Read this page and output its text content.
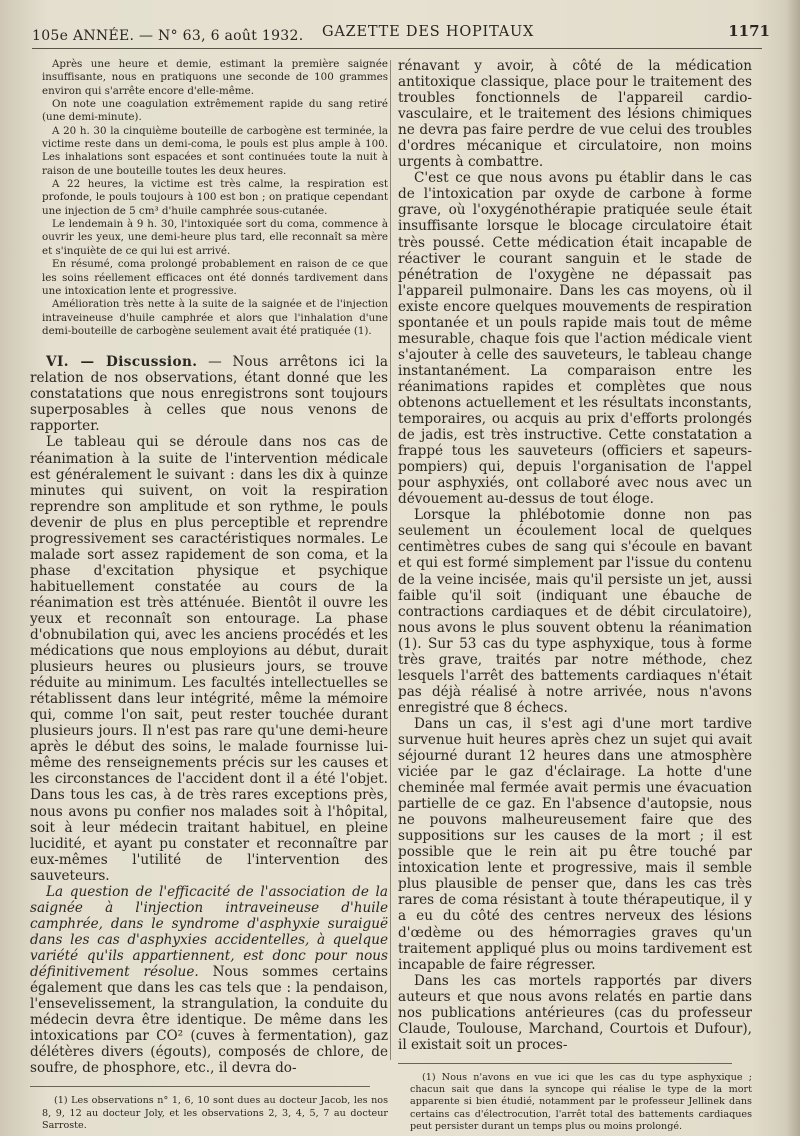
105e ANNÉE. — N° 63, 6 août 1932. GAZETTE DES HOPITAUX	1171

Après une heure et demie, estimant la première saignée insuffisante, nous en pratiquons une seconde de 100 grammes environ qui s'arrête encore d'elle-même.

On note une coagulation extrêmement rapide du sang retiré (une demi-minute).

A 20 h. 30 la cinquième bouteille de carbogène est terminée, la victime reste dans un demi-coma, le pouls est plus ample à 100. Les inhalations sont espacées et sont continuées toute la nuit à raison de une bouteille toutes les deux heures.

A 22 heures, la victime est très calme, la respiration est profonde, le pouls toujours à 100 est bon ; on pratique cependant une injection de 5 cm³ d'huile camphrée sous-cutanée.

Le lendemain à 9 h. 30, l'intoxiquée sort du coma, commence à ouvrir les yeux, une demi-heure plus tard, elle reconnaît sa mère et s'inquiète de ce qui lui est arrivé.

En résumé, coma prolongé probablement en raison de ce que les soins réellement efficaces ont été donnés tardivement dans une intoxication lente et progressive.

Amélioration très nette à la suite de la saignée et de l'injection intraveineuse d'huile camphrée et alors que l'inhalation d'une demi-bouteille de carbogène seulement avait été pratiquée (1).

VI. — Discussion. — Nous arrêtons ici la relation de nos observations, étant donné que les constatations que nous enregistrons sont toujours superposables à celles que nous venons de rapporter.

Le tableau qui se déroule dans nos cas de réanimation à la suite de l'intervention médicale est généralement le suivant : dans les dix à quinze minutes qui suivent, on voit la respiration reprendre son amplitude et son rythme, le pouls devenir de plus en plus perceptible et reprendre progressivement ses caractéristiques normales. Le malade sort assez rapidement de son coma, et la phase d'excitation physique et psychique habituellement constatée au cours de la réanimation est très atténuée. Bientôt il ouvre les yeux et reconnaît son entourage. La phase d'obnubilation qui, avec les anciens procédés et les médications que nous employions au début, durait plusieurs heures ou plusieurs jours, se trouve réduite au minimum. Les facultés intellectuelles se rétablissent dans leur intégrité, même la mémoire qui, comme l'on sait, peut rester touchée durant plusieurs jours. Il n'est pas rare qu'une demi-heure après le début des soins, le malade fournisse lui-même des renseignements précis sur les causes et les circonstances de l'accident dont il a été l'objet. Dans tous les cas, à de très rares exceptions près, nous avons pu confier nos malades soit à l'hôpital, soit à leur médecin traitant habituel, en pleine lucidité, et ayant pu constater et reconnaître par eux-mêmes l'utilité de l'intervention des sauveteurs.

La question de l'efficacité de l'association de la saignée à l'injection intraveineuse d'huile camphrée, dans le syndrome d'asphyxie suraiguë dans les cas d'asphyxies accidentelles, à quelque variété qu'ils appartiennent, est donc pour nous définitivement résolue. Nous sommes certains également que dans les cas tels que : la pendaison, l'ensevelissement, la strangulation, la conduite du médecin devra être identique. De même dans les intoxications par CO² (cuves à fermentation), gaz délétères divers (égouts), composés de chlore, de soufre, de phosphore, etc., il devra do-

(1) Les observations n° 1, 6, 10 sont dues au docteur Jacob, les nos 8, 9, 12 au docteur Joly, et les observations 2, 3, 4, 5, 7 au docteur Sarroste.

rénavant y avoir, à côté de la médication antitoxique classique, place pour le traitement des troubles fonctionnels de l'appareil cardio-vasculaire, et le traitement des lésions chimiques ne devra pas faire perdre de vue celui des troubles d'ordres mécanique et circulatoire, non moins urgents à combattre.

C'est ce que nous avons pu établir dans le cas de l'intoxication par oxyde de carbone à forme grave, où l'oxygénothérapie pratiquée seule était insuffisante lorsque le blocage circulatoire était très poussé. Cette médication était incapable de réactiver le courant sanguin et le stade de pénétration de l'oxygène ne dépassait pas l'appareil pulmonaire. Dans les cas moyens, où il existe encore quelques mouvements de respiration spontanée et un pouls rapide mais tout de même mesurable, chaque fois que l'action médicale vient s'ajouter à celle des sauveteurs, le tableau change instantanément. La comparaison entre les réanimations rapides et complètes que nous obtenons actuellement et les résultats inconstants, temporaires, ou acquis au prix d'efforts prolongés de jadis, est très instructive. Cette constatation a frappé tous les sauveteurs (officiers et sapeurs-pompiers) qui, depuis l'organisation de l'appel pour asphyxiés, ont collaboré avec nous avec un dévouement au-dessus de tout éloge.

Lorsque la phlébotomie donne non pas seulement un écoulement local de quelques centimètres cubes de sang qui s'écoule en bavant et qui est formé simplement par l'issue du contenu de la veine incisée, mais qu'il persiste un jet, aussi faible qu'il soit (indiquant une ébauche de contractions cardiaques et de débit circulatoire), nous avons le plus souvent obtenu la réanimation (1). Sur 53 cas du type asphyxique, tous à forme très grave, traités par notre méthode, chez lesquels l'arrêt des battements cardiaques n'était pas déjà réalisé à notre arrivée, nous n'avons enregistré que 8 échecs.

Dans un cas, il s'est agi d'une mort tardive survenue huit heures après chez un sujet qui avait séjourné durant 12 heures dans une atmosphère viciée par le gaz d'éclairage. La hotte d'une cheminée mal fermée avait permis une évacuation partielle de ce gaz. En l'absence d'autopsie, nous ne pouvons malheureusement faire que des suppositions sur les causes de la mort ; il est possible que le rein ait pu être touché par intoxication lente et progressive, mais il semble plus plausible de penser que, dans les cas très rares de coma résistant à toute thérapeutique, il y a eu du côté des centres nerveux des lésions d'œdème ou des hémorragies graves qu'un traitement appliqué plus ou moins tardivement est incapable de faire régresser.

Dans les cas mortels rapportés par divers auteurs et que nous avons relatés en partie dans nos publications antérieures (cas du professeur Claude, Toulouse, Marchand, Courtois et Dufour), il existait soit un proces-

(1) Nous n'avons en vue ici que les cas du type asphyxique ; chacun sait que dans la syncope qui réalise le type de la mort apparente si bien étudié, notamment par le professeur Jellinek dans certains cas d'électrocution, l'arrêt total des battements cardiaques peut persister durant un temps plus ou moins prolongé.
